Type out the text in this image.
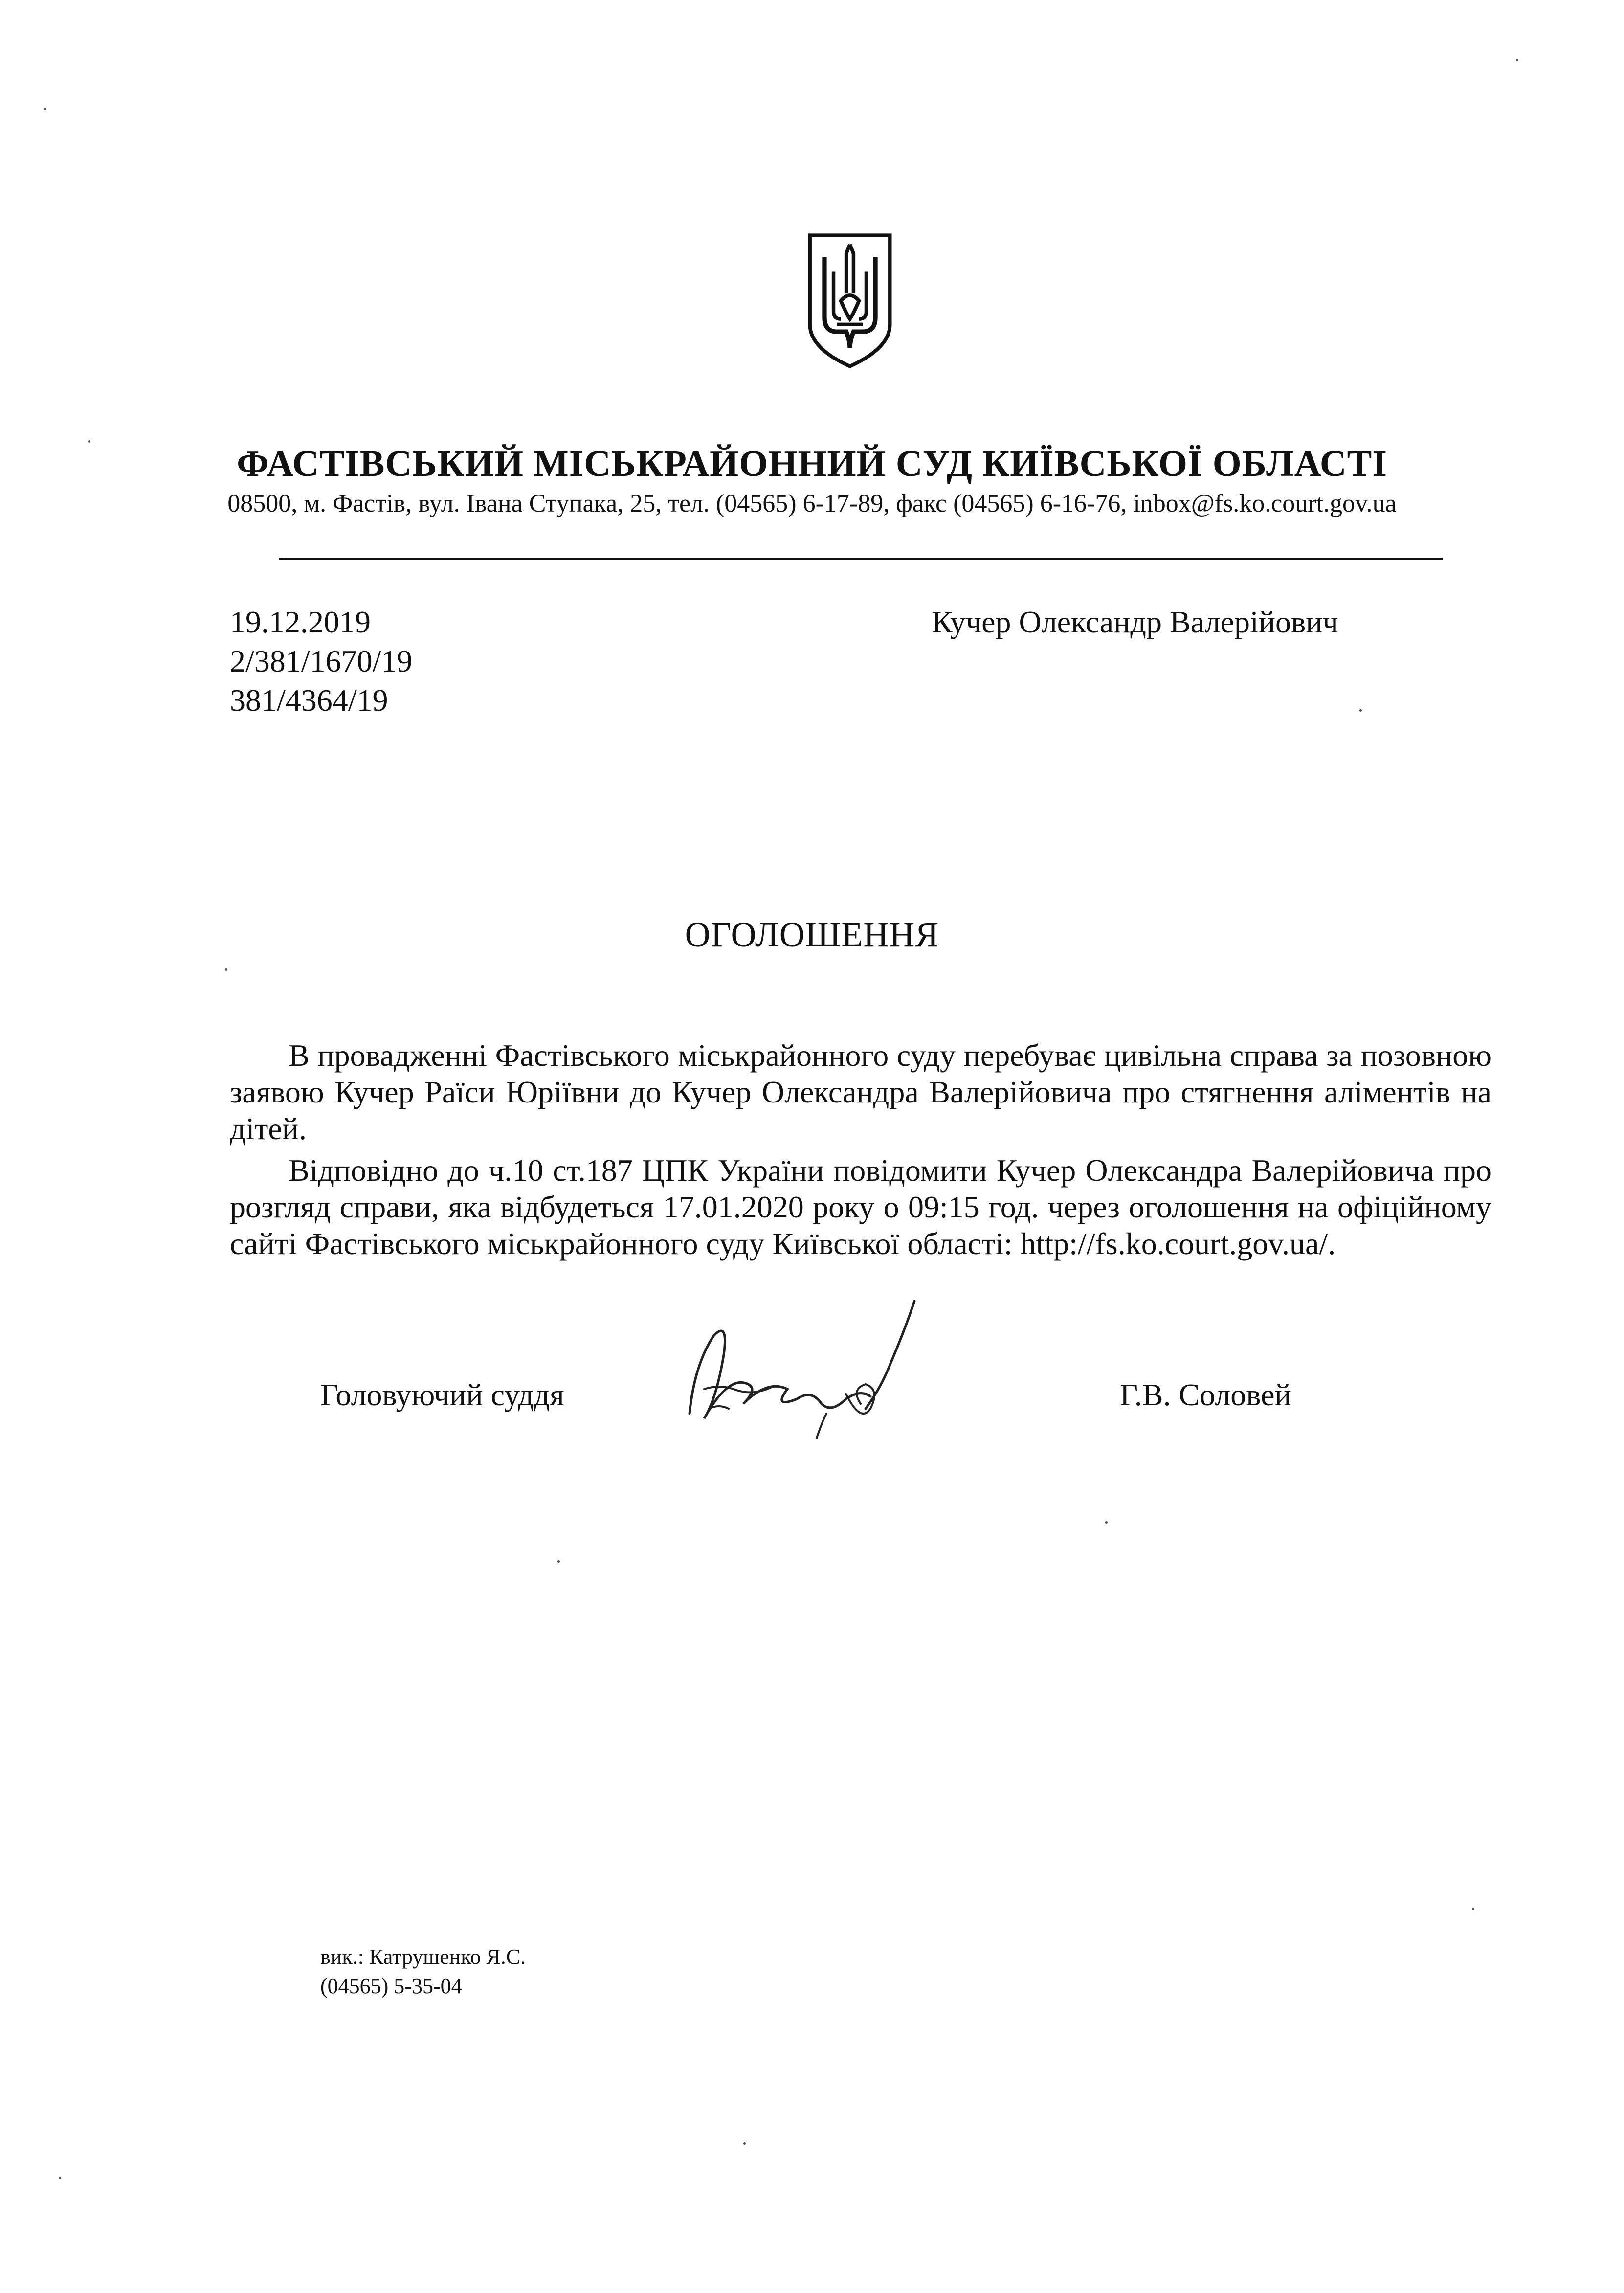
ФАСТІВСЬКИЙ МІСЬКРАЙОННИЙ СУД КИЇВСЬКОЇ ОБЛАСТІ
08500, м. Фастів, вул. Івана Ступака, 25, тел. (04565) 6-17-89, факс (04565) 6-16-76, inbox@fs.ko.court.gov.ua
19.12.2019
2/381/1670/19
381/4364/19
Кучер Олександр Валерійович
ОГОЛОШЕННЯ
В провадженні Фастівського міськрайонного суду перебуває цивільна справа за позовною заявою Кучер Раїси Юріївни до Кучер Олександра Валерійовича про стягнення аліментів на дітей.
Відповідно до ч.10 ст.187 ЦПК України повідомити Кучер Олександра Валерійовича про розгляд справи, яка відбудеться 17.01.2020 року о 09:15 год. через оголошення на офіційному сайті Фастівського міськрайонного суду Київської області: http://fs.ko.court.gov.ua/.
Головуючий суддя	Г.В. Соловей
вик.: Катрушенко Я.С.
(04565) 5-35-04
